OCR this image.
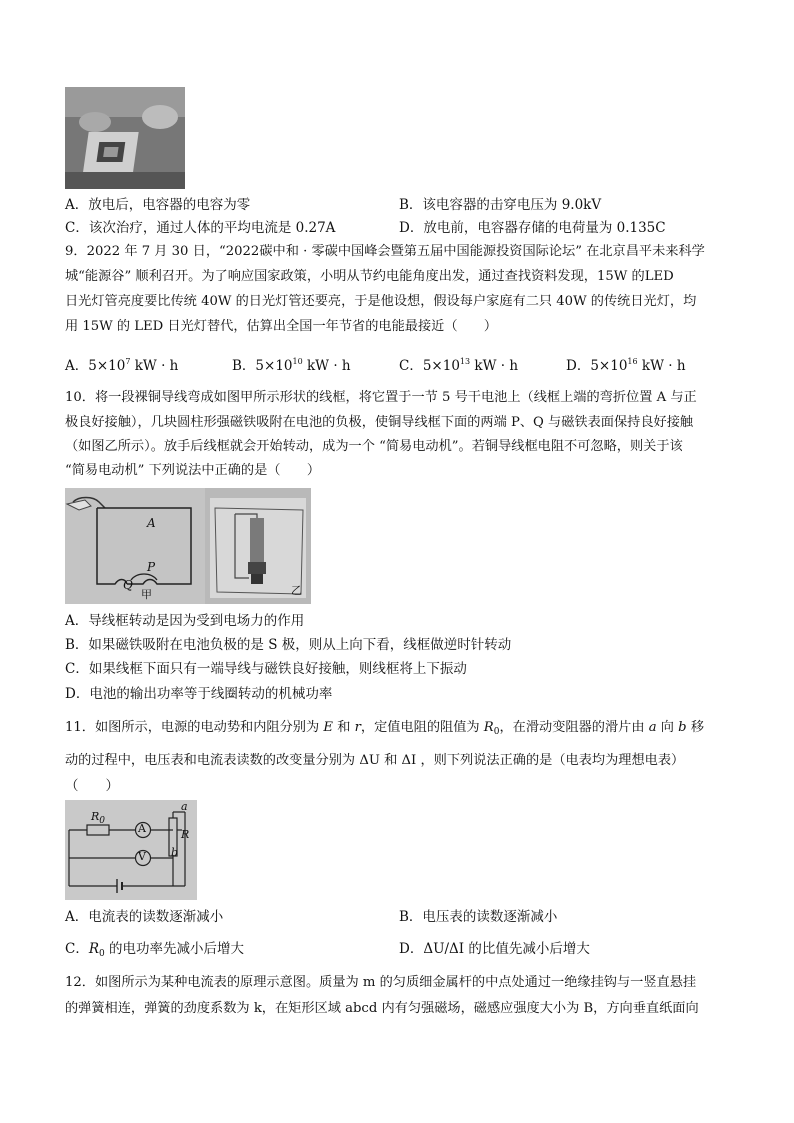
A．放电后，电容器的电容为零	B．该电容器的击穿电压为 9.0kV
C．该次治疗，通过人体的平均电流是 0.27A	D．放电前，电容器存储的电荷量为 0.135C
9．2022 年 7 月 30 日，“2022碳中和 · 零碳中国峰会暨第五届中国能源投资国际论坛” 在北京昌平未来科学
城“能源谷” 顺利召开。为了响应国家政策，小明从节约电能角度出发，通过查找资料发现，15W 的LED
日光灯管亮度要比传统 40W 的日光灯管还要亮，于是他设想，假设每户家庭有二只 40W 的传统日光灯，均
用 15W 的 LED 日光灯替代，估算出全国一年节省的电能最接近（　　）
A．$5\times 10^7$ kW · h	B．$5\times 10^{10}$ kW · h	C．$5\times 10^{13}$ kW · h	D．$5\times 10^{16}$ kW · h
10．将一段裸铜导线弯成如图甲所示形状的线框，将它置于一节 5 号干电池上（线框上端的弯折位置 A 与正
极良好接触），几块圆柱形强磁铁吸附在电池的负极，使铜导线框下面的两端 P、Q 与磁铁表面保持良好接触
（如图乙所示）。放手后线框就会开始转动，成为一个 “简易电动机”。若铜导线框电阻不可忽略，则关于该
“简易电动机” 下列说法中正确的是（　　）
A
P
Q
甲	乙
A．导线框转动是因为受到电场力的作用
B．如果磁铁吸附在电池负极的是 S 极，则从上向下看，线框做逆时针转动
C．如果线框下面只有一端导线与磁铁良好接触，则线框将上下振动
D．电池的输出功率等于线圈转动的机械功率
11．如图所示，电源的电动势和内阻分别为 E 和 r，定值电阻的阻值为 $R_0$，在滑动变阻器的滑片由 a 向 b 移
动的过程中，电压表和电流表读数的改变量分别为 ΔU 和 ΔI ，则下列说法正确的是（电表均为理想电表）
（　　）
$R_0$
A
V
R
a
b
A．电流表的读数逐渐减小	B．电压表的读数逐渐减小
C．$R_0$ 的电功率先减小后增大	D．ΔU/ΔI 的比值先减小后增大
12．如图所示为某种电流表的原理示意图。质量为 m 的匀质细金属杆的中点处通过一绝缘挂钩与一竖直悬挂
的弹簧相连，弹簧的劲度系数为 k，在矩形区域 abcd 内有匀强磁场，磁感应强度大小为 B，方向垂直纸面向
